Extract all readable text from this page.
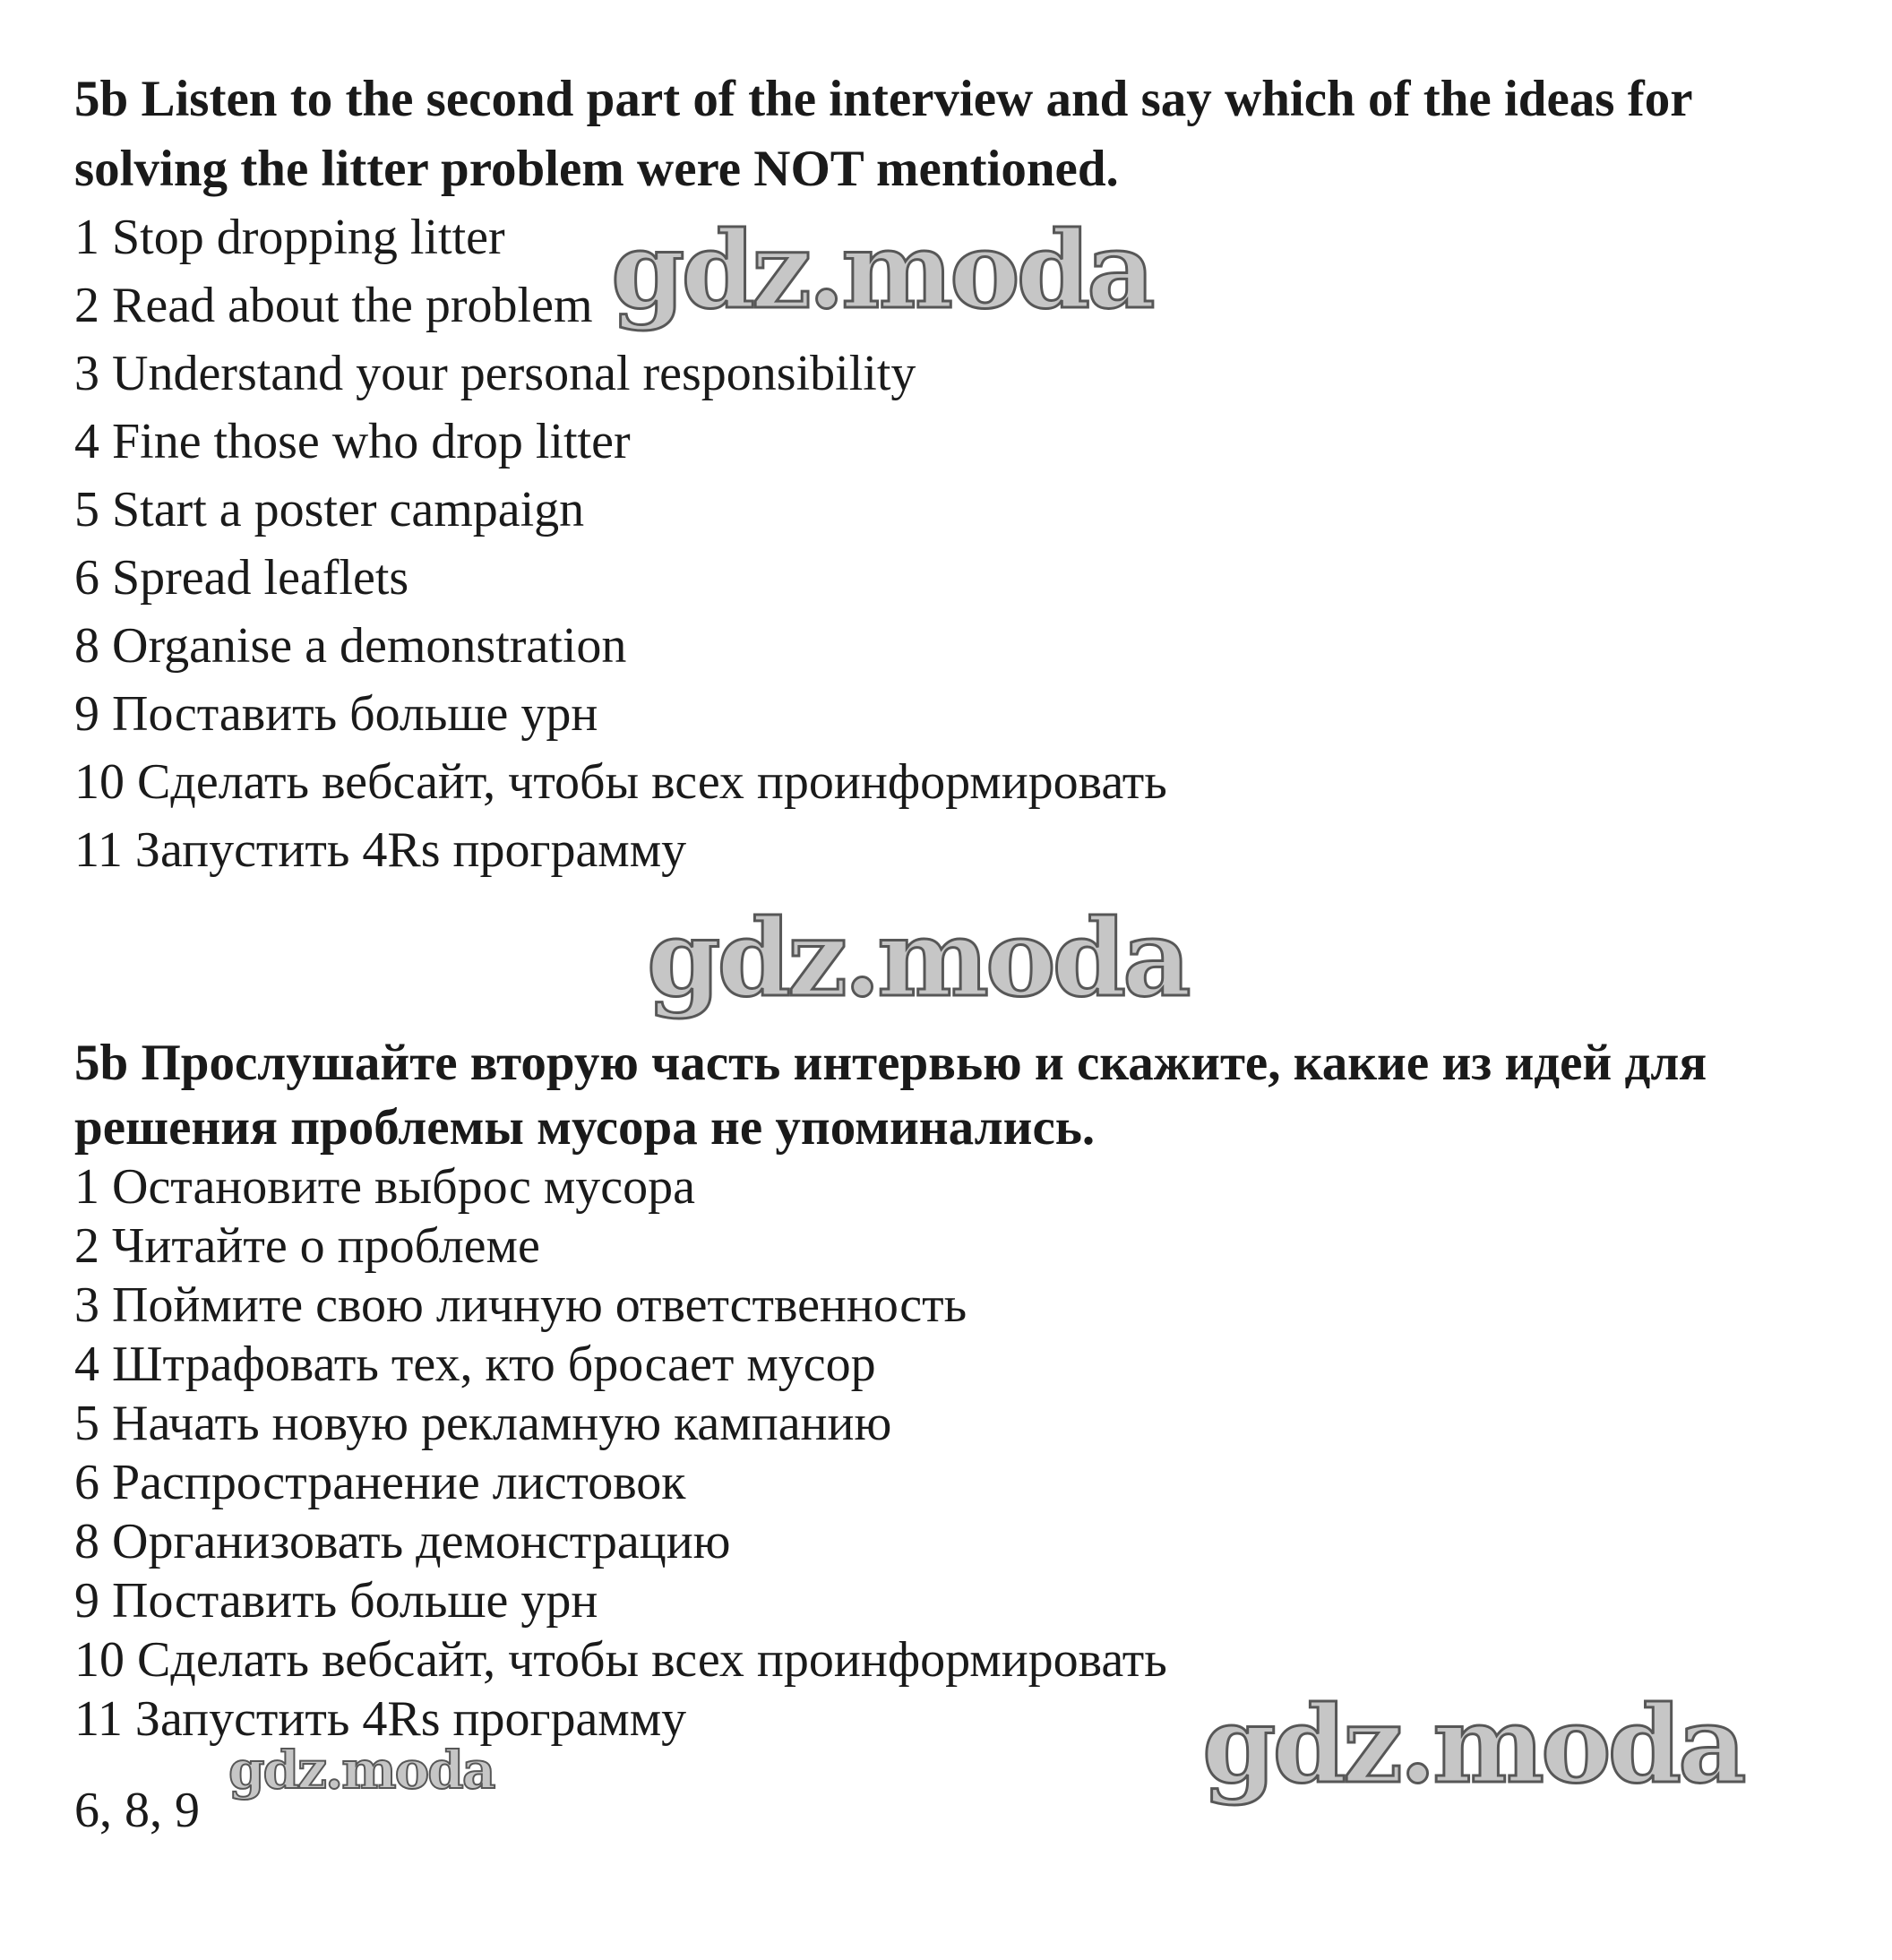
5b Listen to the second part of the interview and say which of the ideas for

solving the litter problem were NOT mentioned.

1 Stop dropping litter

2 Read about the problem

3 Understand your personal responsibility

4 Fine those who drop litter

5 Start a poster campaign

6 Spread leaflets

8 Organise a demonstration

9 Поставить больше урн

10 Сделать вебсайт, чтобы всех проинформировать

11 Запустить 4Rs программу

5b Прослушайте вторую часть интервью и скажите, какие из идей для

решения проблемы мусора не упоминались.

1 Остановите выброс мусора

2 Читайте о проблеме

3 Поймите свою личную ответственность

4 Штрафовать тех, кто бросает мусор

5 Начать новую рекламную кампанию

6 Распространение листовок

8 Организовать демонстрацию

9 Поставить больше урн

10 Сделать вебсайт, чтобы всех проинформировать

11 Запустить 4Rs программу

6, 8, 9
gdz.moda
gdz.moda
gdz.moda
gdz.moda
